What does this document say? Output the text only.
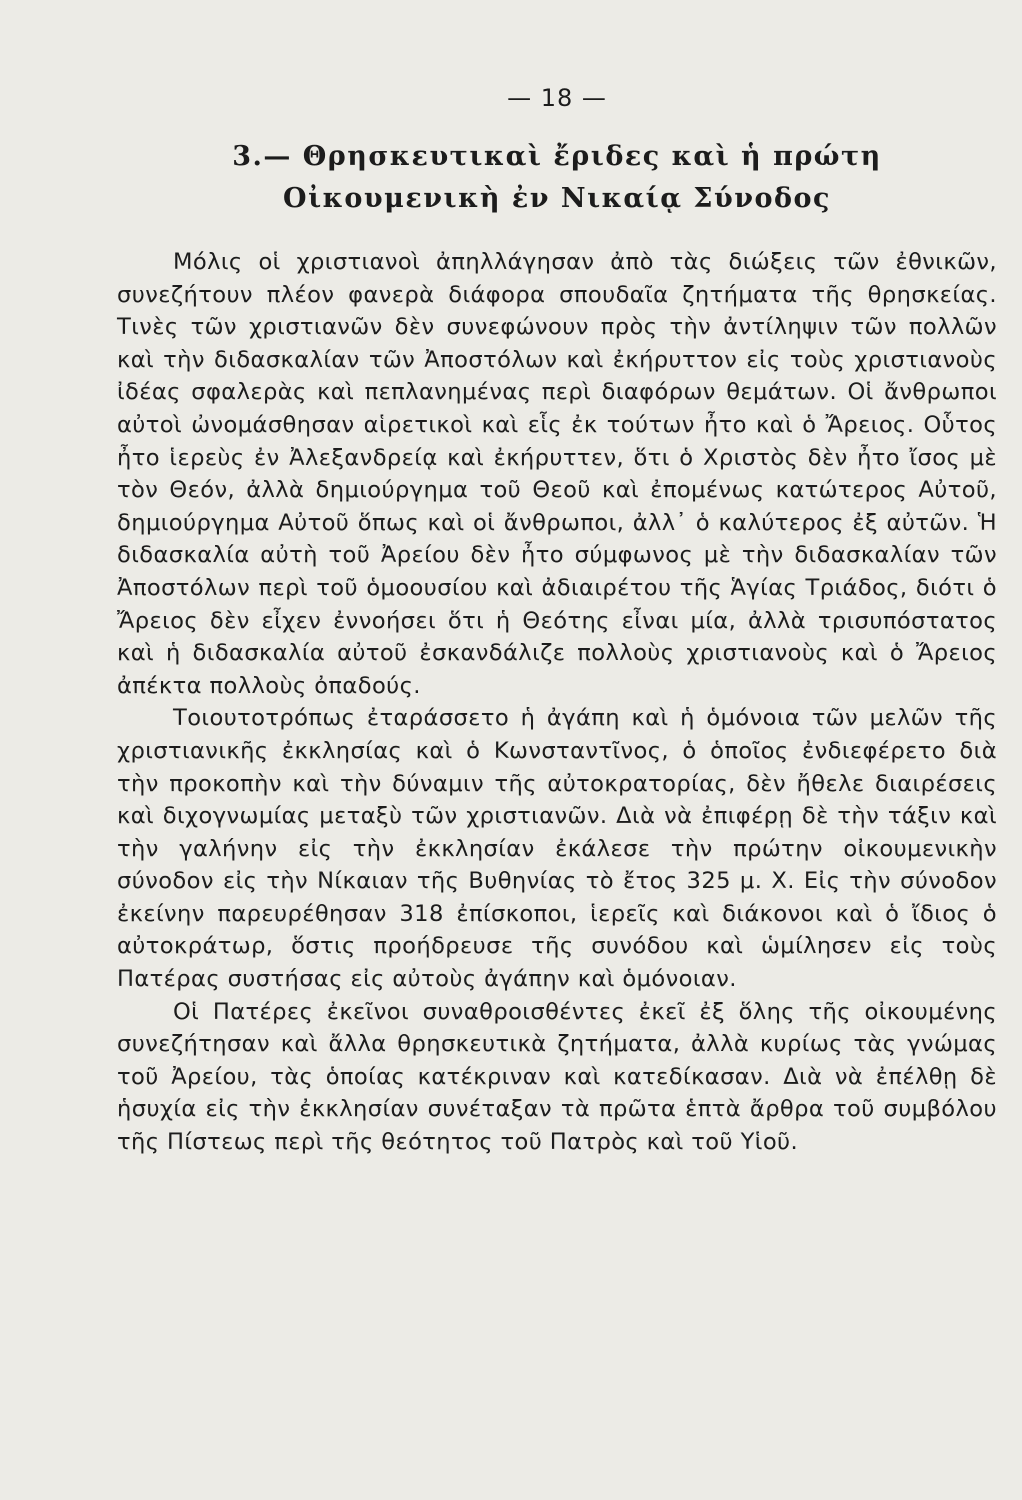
— 18 —
3.— Θρησκευτικαὶ ἔριδες καὶ ἡ πρώτη
Οἰκουμενικὴ ἐν Νικαίᾳ Σύνοδος

Μόλις οἱ χριστιανοὶ ἀπηλλάγησαν ἀπὸ τὰς διώξεις τῶν ἐθνικῶν, συνεζήτουν πλέον φανερὰ διάφορα σπουδαῖα ζητήματα τῆς θρησκείας. Τινὲς τῶν χριστιανῶν δὲν συνεφώνουν πρὸς τὴν ἀντίληψιν τῶν πολλῶν καὶ τὴν διδασκαλίαν τῶν Ἀποστόλων καὶ ἐκήρυττον εἰς τοὺς χριστιανοὺς ἰδέας σφαλερὰς καὶ πεπλανημένας περὶ διαφόρων θεμάτων. Οἱ ἄνθρωποι αὐτοὶ ὠνομάσθησαν αἱρετικοὶ καὶ εἷς ἐκ τούτων ἦτο καὶ ὁ Ἄρειος. Οὗτος ἦτο ἱερεὺς ἐν Ἀλεξανδρείᾳ καὶ ἐκήρυττεν, ὅτι ὁ Χριστὸς δὲν ἦτο ἴσος μὲ τὸν Θεόν, ἀλλὰ δημιούργημα τοῦ Θεοῦ καὶ ἐπομένως κατώτερος Αὐτοῦ, δημιούργημα Αὐτοῦ ὅπως καὶ οἱ ἄνθρωποι, ἀλλ᾽ ὁ καλύτερος ἐξ αὐτῶν. Ἡ διδασκαλία αὐτὴ τοῦ Ἀρείου δὲν ἦτο σύμφωνος μὲ τὴν διδασκαλίαν τῶν Ἀποστόλων περὶ τοῦ ὁμοουσίου καὶ ἀδιαιρέτου τῆς Ἁγίας Τριάδος, διότι ὁ Ἄρειος δὲν εἶχεν ἐννοήσει ὅτι ἡ Θεότης εἶναι μία, ἀλλὰ τρισυπόστατος καὶ ἡ διδασκαλία αὐτοῦ ἐσκανδάλιζε πολλοὺς χριστιανοὺς καὶ ὁ Ἄρειος ἀπέκτα πολλοὺς ὀπαδούς.

Τοιουτοτρόπως ἐταράσσετο ἡ ἀγάπη καὶ ἡ ὁμόνοια τῶν μελῶν τῆς χριστιανικῆς ἐκκλησίας καὶ ὁ Κωνσταντῖνος, ὁ ὁποῖος ἐνδιεφέρετο διὰ τὴν προκοπὴν καὶ τὴν δύναμιν τῆς αὐτοκρατορίας, δὲν ἤθελε διαιρέσεις καὶ διχογνωμίας μεταξὺ τῶν χριστιανῶν. Διὰ νὰ ἐπιφέρῃ δὲ τὴν τάξιν καὶ τὴν γαλήνην εἰς τὴν ἐκκλησίαν ἐκάλεσε τὴν πρώτην οἰκουμενικὴν σύνοδον εἰς τὴν Νίκαιαν τῆς Βυθηνίας τὸ ἔτος 325 μ. Χ. Εἰς τὴν σύνοδον ἐκείνην παρευρέθησαν 318 ἐπίσκοποι, ἱερεῖς καὶ διάκονοι καὶ ὁ ἴδιος ὁ αὐτοκράτωρ, ὅστις προήδρευσε τῆς συνόδου καὶ ὡμίλησεν εἰς τοὺς Πατέρας συστήσας εἰς αὐτοὺς ἀγάπην καὶ ὁμόνοιαν.

Οἱ Πατέρες ἐκεῖνοι συναθροισθέντες ἐκεῖ ἐξ ὅλης τῆς οἰκουμένης συνεζήτησαν καὶ ἄλλα θρησκευτικὰ ζητήματα, ἀλλὰ κυρίως τὰς γνώμας τοῦ Ἀρείου, τὰς ὁποίας κατέκριναν καὶ κατεδίκασαν. Διὰ νὰ ἐπέλθῃ δὲ ἡσυχία εἰς τὴν ἐκκλησίαν συνέταξαν τὰ πρῶτα ἑπτὰ ἄρθρα τοῦ συμβόλου τῆς Πίστεως περὶ τῆς θεότητος τοῦ Πατρὸς καὶ τοῦ Υἱοῦ.
